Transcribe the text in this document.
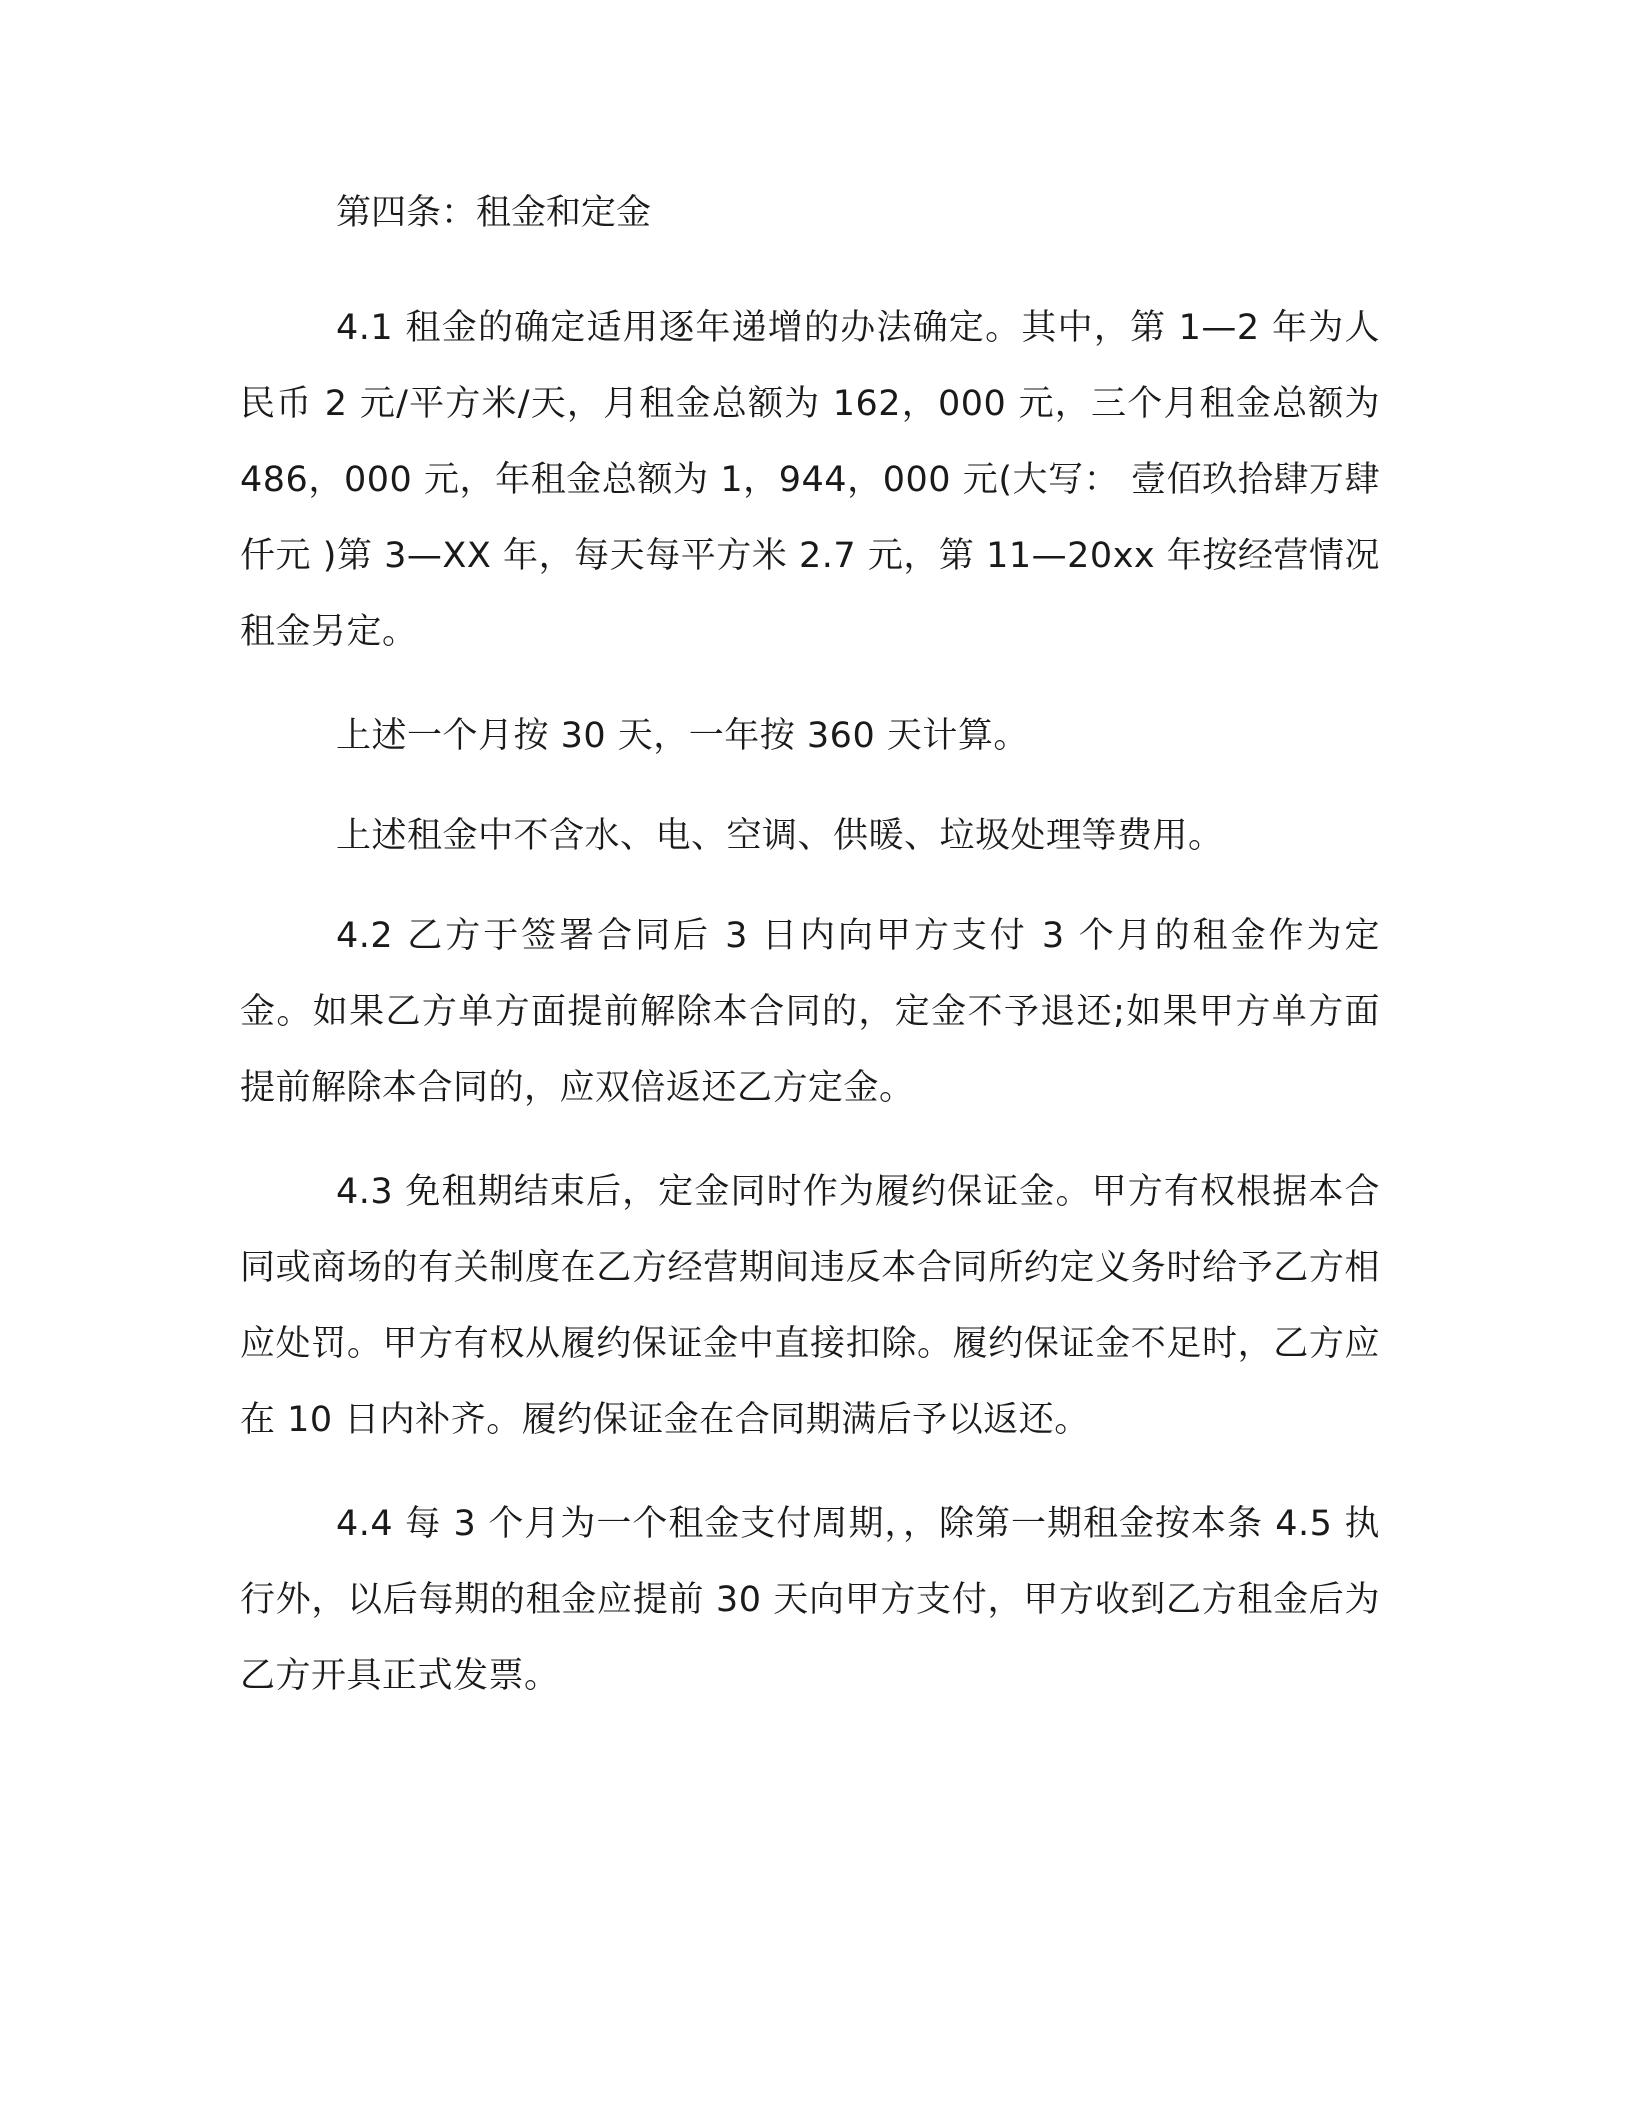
第四条：租金和定金

4.1 租金的确定适用逐年递增的办法确定。其中，第 1—2 年为人民币 2 元/平方米/天，月租金总额为 162，000 元，三个月租金总额为 486，000 元，年租金总额为 1，944，000 元(大写： 壹佰玖拾肆万肆仟元 )第 3—XX 年，每天每平方米 2.7 元，第 11—20xx 年按经营情况租金另定。

上述一个月按 30 天，一年按 360 天计算。

上述租金中不含水、电、空调、供暖、垃圾处理等费用。

4.2 乙方于签署合同后 3 日内向甲方支付 3 个月的租金作为定金。如果乙方单方面提前解除本合同的，定金不予退还;如果甲方单方面提前解除本合同的，应双倍返还乙方定金。

4.3 免租期结束后，定金同时作为履约保证金。甲方有权根据本合同或商场的有关制度在乙方经营期间违反本合同所约定义务时给予乙方相应处罚。甲方有权从履约保证金中直接扣除。履约保证金不足时，乙方应在 10 日内补齐。履约保证金在合同期满后予以返还。

4.4 每 3 个月为一个租金支付周期，，除第一期租金按本条 4.5 执行外，以后每期的租金应提前 30 天向甲方支付，甲方收到乙方租金后为乙方开具正式发票。
